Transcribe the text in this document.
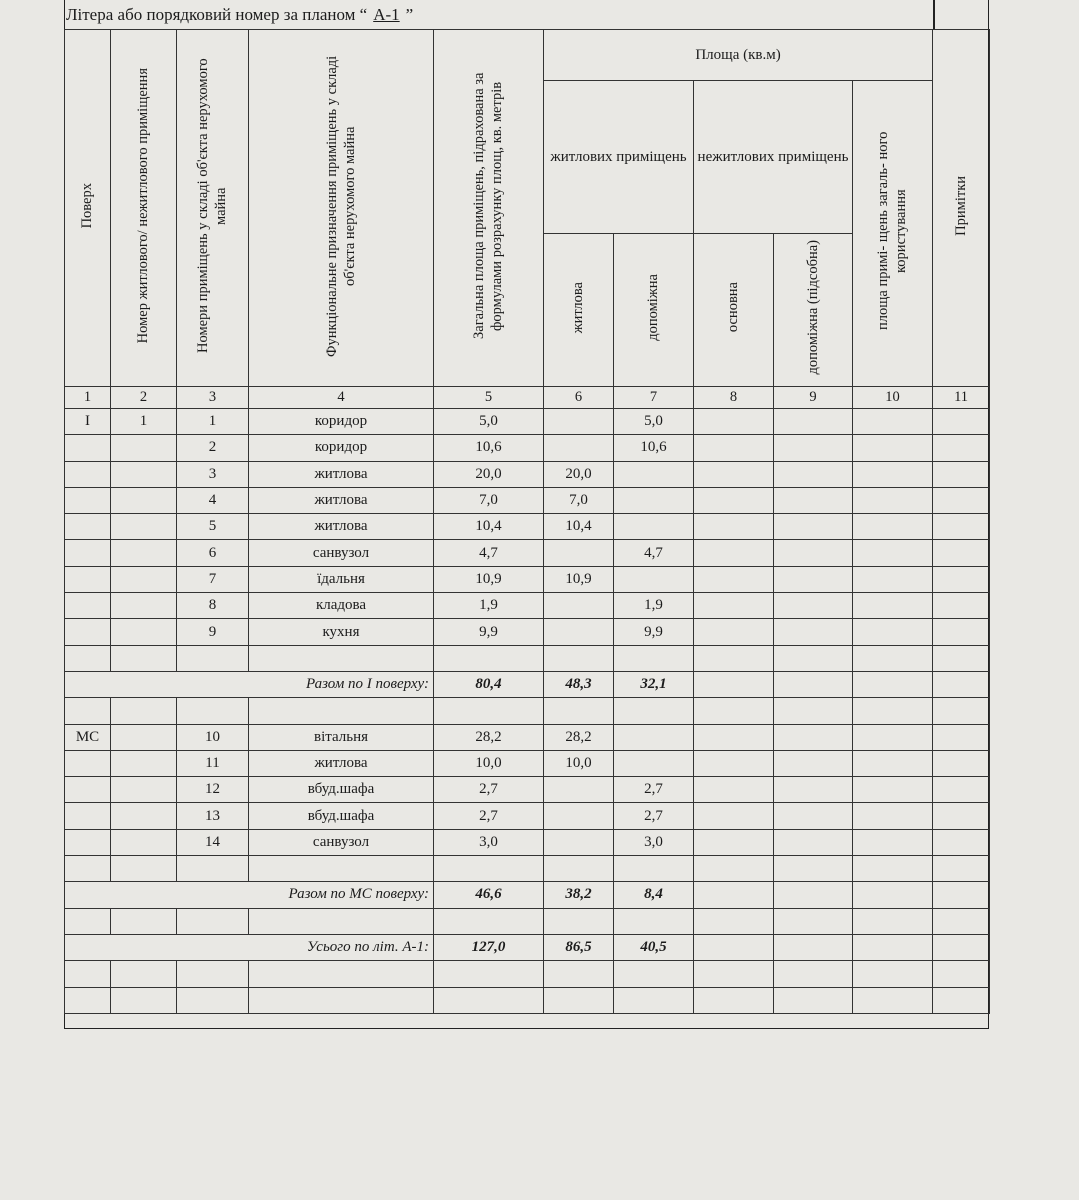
Літера або порядковий номер за планом “ А-1 ”
Поверх	Номер житлового/ нежитлового приміщення	Номери приміщень у складі об'єкта нерухомого майна	Функціональне призначення приміщень у складі об'єкта нерухомого майна	Загальна площа приміщень, підрахована за формулами розрахунку площ, кв. метрів	Площа (кв.м)					Примітки
					житлових приміщень		нежитлових приміщень		площа примі- щень загаль- ного користування	
					житлова	допоміжна	основна	допоміжна (підсобна)		
1	2	3	4	5	6	7	8	9	10	11
I	1	1	коридор	5,0		5,0				
		2	коридор	10,6		10,6				
		3	житлова	20,0	20,0					
		4	житлова	7,0	7,0					
		5	житлова	10,4	10,4					
		6	санвузол	4,7		4,7				
		7	їдальня	10,9	10,9					
		8	кладова	1,9		1,9				
		9	кухня	9,9		9,9				

Разом по I поверху:				80,4	48,3	32,1				

МС		10	вітальня	28,2	28,2					
		11	житлова	10,0	10,0					
		12	вбуд.шафа	2,7		2,7				
		13	вбуд.шафа	2,7		2,7				
		14	санвузол	3,0		3,0				

Разом по МС поверху:				46,6	38,2	8,4				

Усього по літ. А-1:				127,0	86,5	40,5				
